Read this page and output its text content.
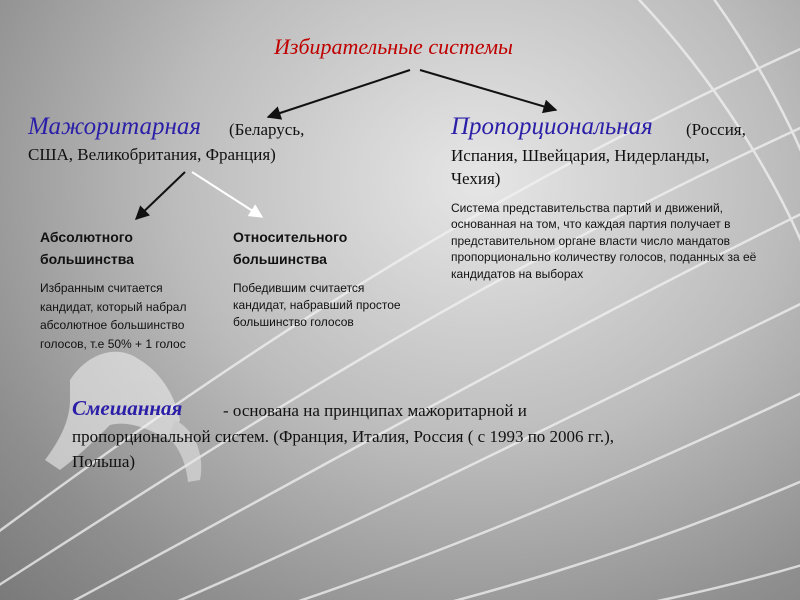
Избирательные системы

Мажоритарная (Беларусь,

США, Великобритания, Франция)

Пропорциональная (Россия,

Испания, Швейцария, Нидерланды,

Чехия)

Система представительства партий и движений, основанная на том, что каждая партия получает в представительном органе власти число мандатов пропорционально количеству голосов, поданных за её кандидатов на выборах

Абсолютного
большинства
Избранным считается
кандидат, который набрал
абсолютное большинство
голосов, т.е 50% + 1 голос
Относительного
большинства
Победившим считается
кандидат, набравший простое
большинство голосов

Смешанная - основана на принципах мажоритарной и

пропорциональной систем. (Франция, Италия, Россия ( с 1993 по 2006 гг.),

Польша)
